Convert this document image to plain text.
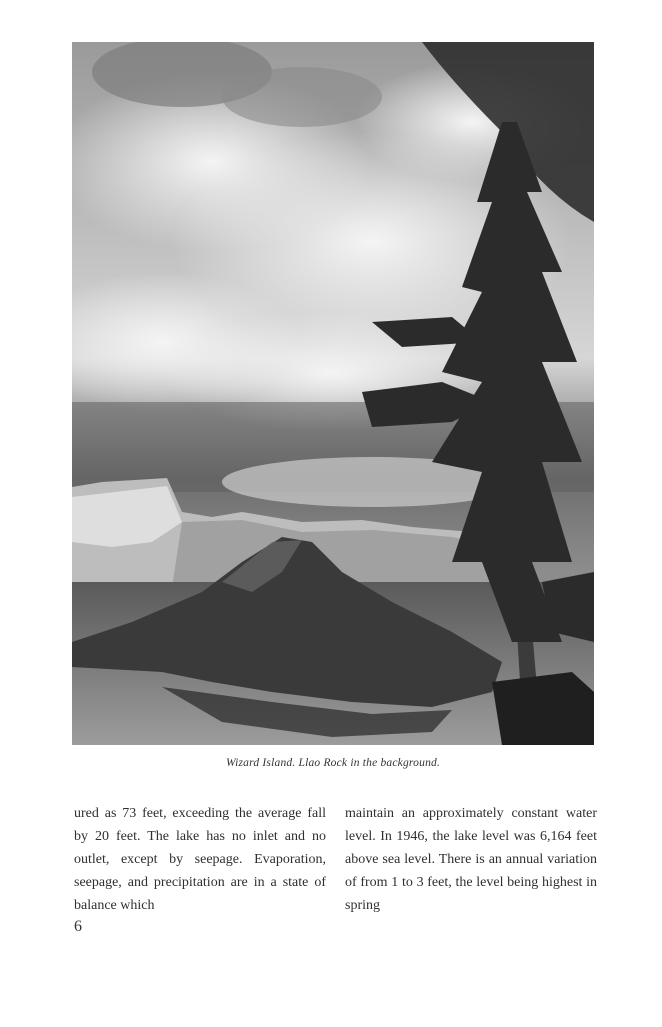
Wizard Island. Llao Rock in the background.

ured as 73 feet, exceeding the average fall by 20 feet. The lake has no inlet and no outlet, except by seepage. Evaporation, seepage, and precipitation are in a state of balance which

maintain an approximately constant water level. In 1946, the lake level was 6,164 feet above sea level. There is an annual variation of from 1 to 3 feet, the level being highest in spring

6
